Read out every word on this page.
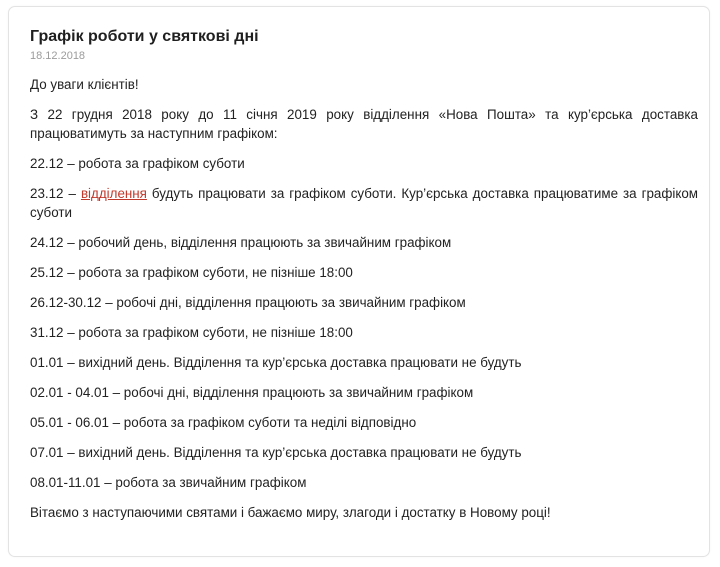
Графік роботи у святкові дні
18.12.2018

До уваги клієнтів!

З 22 грудня 2018 року до 11 січня 2019 року відділення «Нова Пошта» та кур’єрська доставка працюватимуть за наступним графіком:

22.12 – робота за графіком суботи

23.12 – відділення будуть працювати за графіком суботи. Кур’єрська доставка працюватиме за графіком суботи

24.12 – робочий день, відділення працюють за звичайним графіком

25.12 – робота за графіком суботи, не пізніше 18:00

26.12-30.12 – робочі дні, відділення працюють за звичайним графіком

31.12 – робота за графіком суботи, не пізніше 18:00

01.01 – вихідний день. Відділення та кур’єрська доставка працювати не будуть

02.01 - 04.01 – робочі дні, відділення працюють за звичайним графіком

05.01 - 06.01 – робота за графіком суботи та неділі відповідно

07.01 – вихідний день. Відділення та кур’єрська доставка працювати не будуть

08.01-11.01 – робота за звичайним графіком

Вітаємо з наступаючими святами і бажаємо миру, злагоди і достатку в Новому році!
